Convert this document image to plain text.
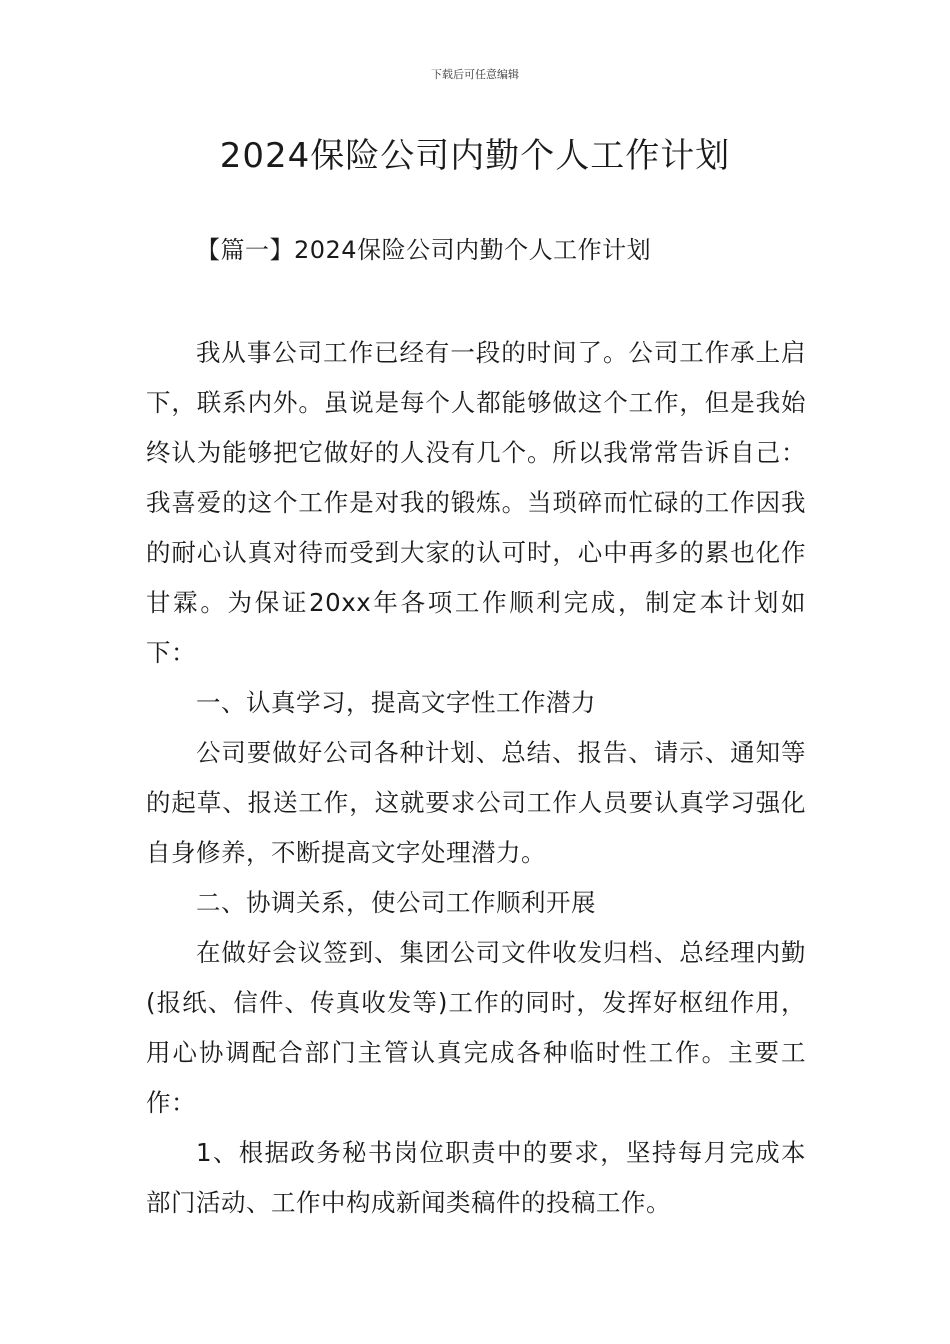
下载后可任意编辑
2024保险公司内勤个人工作计划
【篇一】2024保险公司内勤个人工作计划

我从事公司工作已经有一段的时间了。公司工作承上启下，联系内外。虽说是每个人都能够做这个工作，但是我始终认为能够把它做好的人没有几个。所以我常常告诉自己：我喜爱的这个工作是对我的锻炼。当琐碎而忙碌的工作因我的耐心认真对待而受到大家的认可时，心中再多的累也化作甘霖。为保证20xx年各项工作顺利完成，制定本计划如下：

一、认真学习，提高文字性工作潜力

公司要做好公司各种计划、总结、报告、请示、通知等的起草、报送工作，这就要求公司工作人员要认真学习强化自身修养，不断提高文字处理潜力。

二、协调关系，使公司工作顺利开展

在做好会议签到、集团公司文件收发归档、总经理内勤(报纸、信件、传真收发等)工作的同时，发挥好枢纽作用，用心协调配合部门主管认真完成各种临时性工作。主要工作：

1、根据政务秘书岗位职责中的要求，坚持每月完成本部门活动、工作中构成新闻类稿件的投稿工作。
